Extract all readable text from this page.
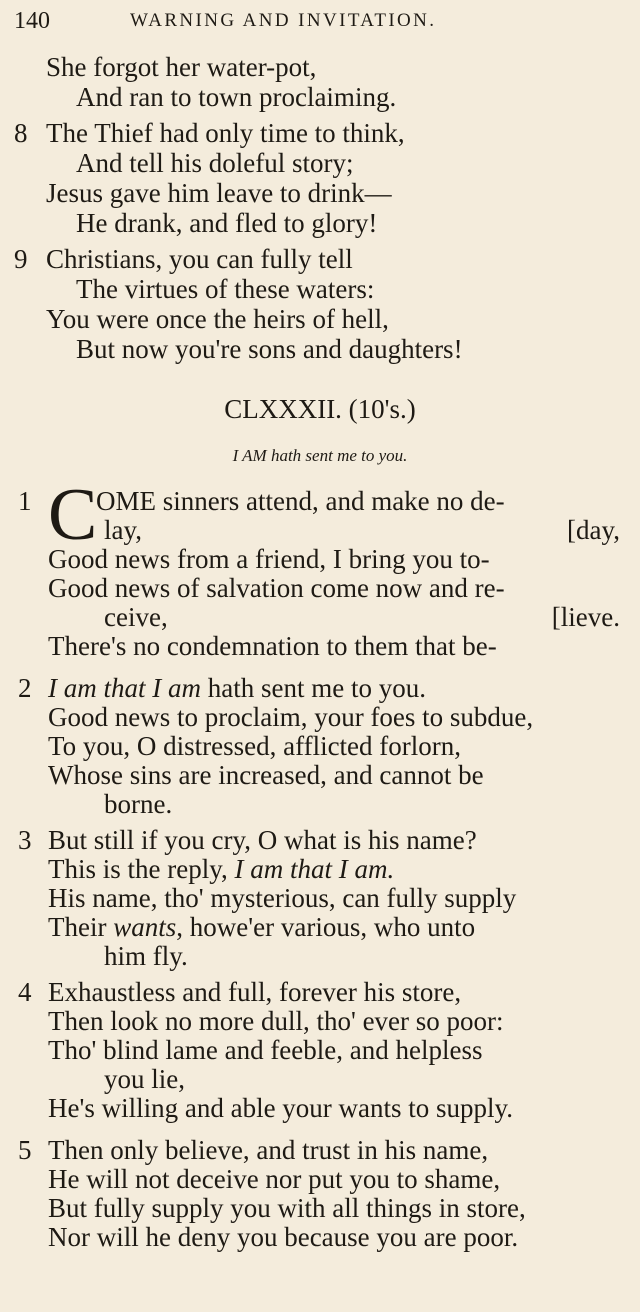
140	WARNING AND INVITATION.
She forgot her water-pot,
And ran to town proclaiming.
8 The Thief had only time to think,
And tell his doleful story;
Jesus gave him leave to drink—
He drank, and fled to glory!
9 Christians, you can fully tell
The virtues of these waters:
You were once the heirs of hell,
But now you're sons and daughters!
CLXXXII. (10's.)
I AM hath sent me to you.
1 C
OME sinners attend, and make no de-
lay,	[day,
Good news from a friend, I bring you to-
Good news of salvation come now and re-
ceive,	[lieve.
There's no condemnation to them that be-
2 I am that I am hath sent me to you.
Good news to proclaim, your foes to subdue,
To you, O distressed, afflicted forlorn,
Whose sins are increased, and cannot be
borne.
3 But still if you cry, O what is his name?
This is the reply, I am that I am.
His name, tho' mysterious, can fully supply
Their wants, howe'er various, who unto
him fly.
4 Exhaustless and full, forever his store,
Then look no more dull, tho' ever so poor:
Tho' blind lame and feeble, and helpless
you lie,
He's willing and able your wants to supply.
5 Then only believe, and trust in his name,
He will not deceive nor put you to shame,
But fully supply you with all things in store,
Nor will he deny you because you are poor.
